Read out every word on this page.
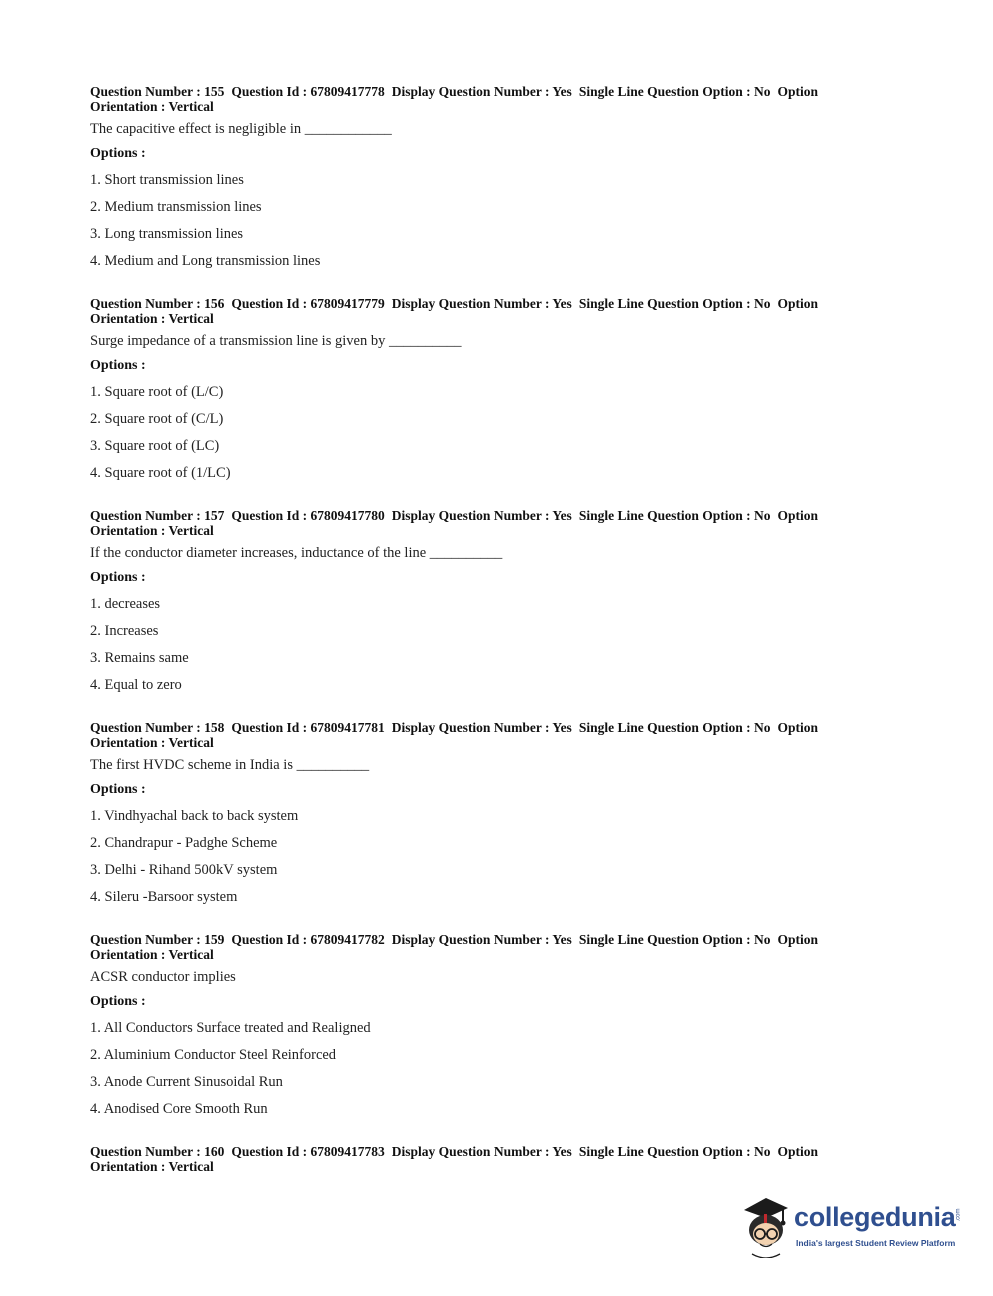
Question Number : 155 Question Id : 67809417778 Display Question Number : Yes Single Line Question Option : No Option Orientation : Vertical
The capacitive effect is negligible in ____________
Options :
1. Short transmission lines
2. Medium transmission lines
3. Long transmission lines
4. Medium and Long transmission lines
Question Number : 156 Question Id : 67809417779 Display Question Number : Yes Single Line Question Option : No Option Orientation : Vertical
Surge impedance of a transmission line is given by __________
Options :
1. Square root of (L/C)
2. Square root of (C/L)
3. Square root of (LC)
4. Square root of (1/LC)
Question Number : 157 Question Id : 67809417780 Display Question Number : Yes Single Line Question Option : No Option Orientation : Vertical
If the conductor diameter increases, inductance of the line __________
Options :
1. decreases
2. Increases
3. Remains same
4. Equal to zero
Question Number : 158 Question Id : 67809417781 Display Question Number : Yes Single Line Question Option : No Option Orientation : Vertical
The first HVDC scheme in India is __________
Options :
1. Vindhyachal back to back system
2. Chandrapur - Padghe Scheme
3. Delhi - Rihand 500kV system
4. Sileru -Barsoor system
Question Number : 159 Question Id : 67809417782 Display Question Number : Yes Single Line Question Option : No Option Orientation : Vertical
ACSR conductor implies
Options :
1. All Conductors Surface treated and Realigned
2. Aluminium Conductor Steel Reinforced
3. Anode Current Sinusoidal Run
4. Anodised Core Smooth Run
Question Number : 160 Question Id : 67809417783 Display Question Number : Yes Single Line Question Option : No Option Orientation : Vertical
collegedunia .com
India's largest Student Review Platform
